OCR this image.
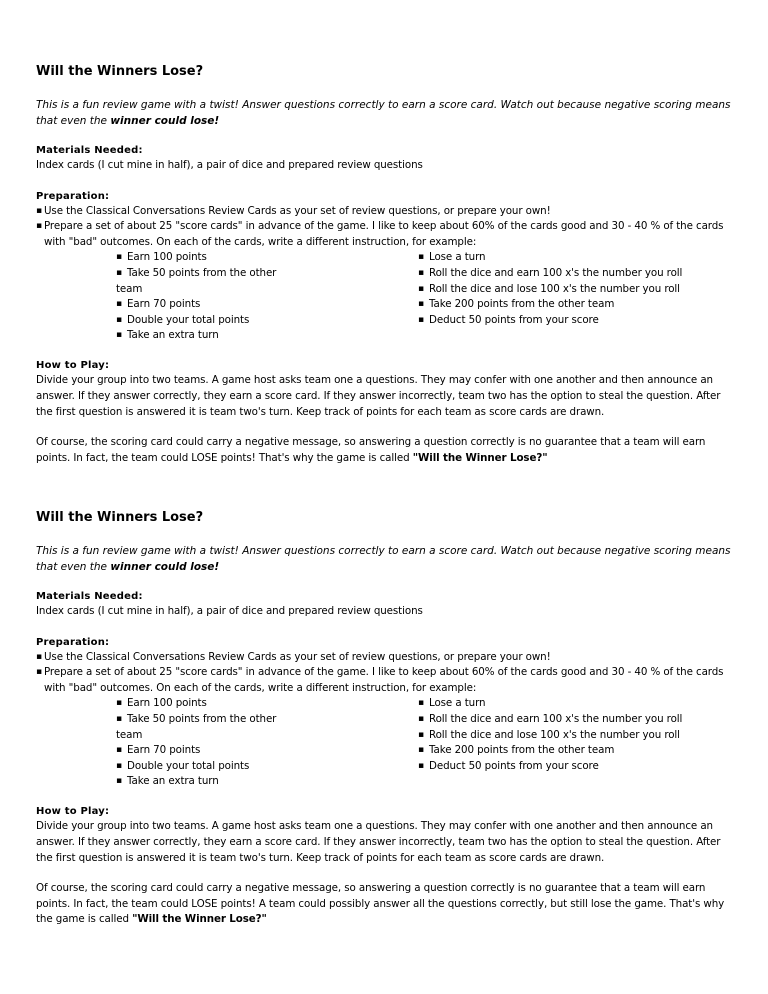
Will the Winners Lose?

This is a fun review game with a twist! Answer questions correctly to earn a score card. Watch out because negative scoring means that even the winner could lose!

Materials Needed:

Index cards (I cut mine in half), a pair of dice and prepared review questions

Preparation:

▪ Use the Classical Conversations Review Cards as your set of review questions, or prepare your own!
▪ Prepare a set of about 25 "score cards" in advance of the game. I like to keep about 60% of the cards good and 30 - 40 % of the cards with "bad" outcomes. On each of the cards, write a different instruction, for example:
▪ Earn 100 points
▪ Take 50 points from the other
team
▪ Earn 70 points
▪ Double your total points
▪ Take an extra turn
▪ Lose a turn
▪ Roll the dice and earn 100 x's the number you roll
▪ Roll the dice and lose 100 x's the number you roll
▪ Take 200 points from the other team
▪ Deduct 50 points from your score

How to Play:

Divide your group into two teams. A game host asks team one a questions. They may confer with one another and then announce an answer. If they answer correctly, they earn a score card. If they answer incorrectly, team two has the option to steal the question. After the first question is answered it is team two's turn. Keep track of points for each team as score cards are drawn.

Of course, the scoring card could carry a negative message, so answering a question correctly is no guarantee that a team will earn points. In fact, the team could LOSE points! That's why the game is called "Will the Winner Lose?"

Will the Winners Lose?

This is a fun review game with a twist! Answer questions correctly to earn a score card. Watch out because negative scoring means that even the winner could lose!

Materials Needed:

Index cards (I cut mine in half), a pair of dice and prepared review questions

Preparation:

▪ Use the Classical Conversations Review Cards as your set of review questions, or prepare your own!
▪ Prepare a set of about 25 "score cards" in advance of the game. I like to keep about 60% of the cards good and 30 - 40 % of the cards with "bad" outcomes. On each of the cards, write a different instruction, for example:
▪ Earn 100 points
▪ Take 50 points from the other
team
▪ Earn 70 points
▪ Double your total points
▪ Take an extra turn
▪ Lose a turn
▪ Roll the dice and earn 100 x's the number you roll
▪ Roll the dice and lose 100 x's the number you roll
▪ Take 200 points from the other team
▪ Deduct 50 points from your score

How to Play:

Divide your group into two teams. A game host asks team one a questions. They may confer with one another and then announce an answer. If they answer correctly, they earn a score card. If they answer incorrectly, team two has the option to steal the question. After the first question is answered it is team two's turn. Keep track of points for each team as score cards are drawn.

Of course, the scoring card could carry a negative message, so answering a question correctly is no guarantee that a team will earn points. In fact, the team could LOSE points! A team could possibly answer all the questions correctly, but still lose the game. That's why the game is called "Will the Winner Lose?"
